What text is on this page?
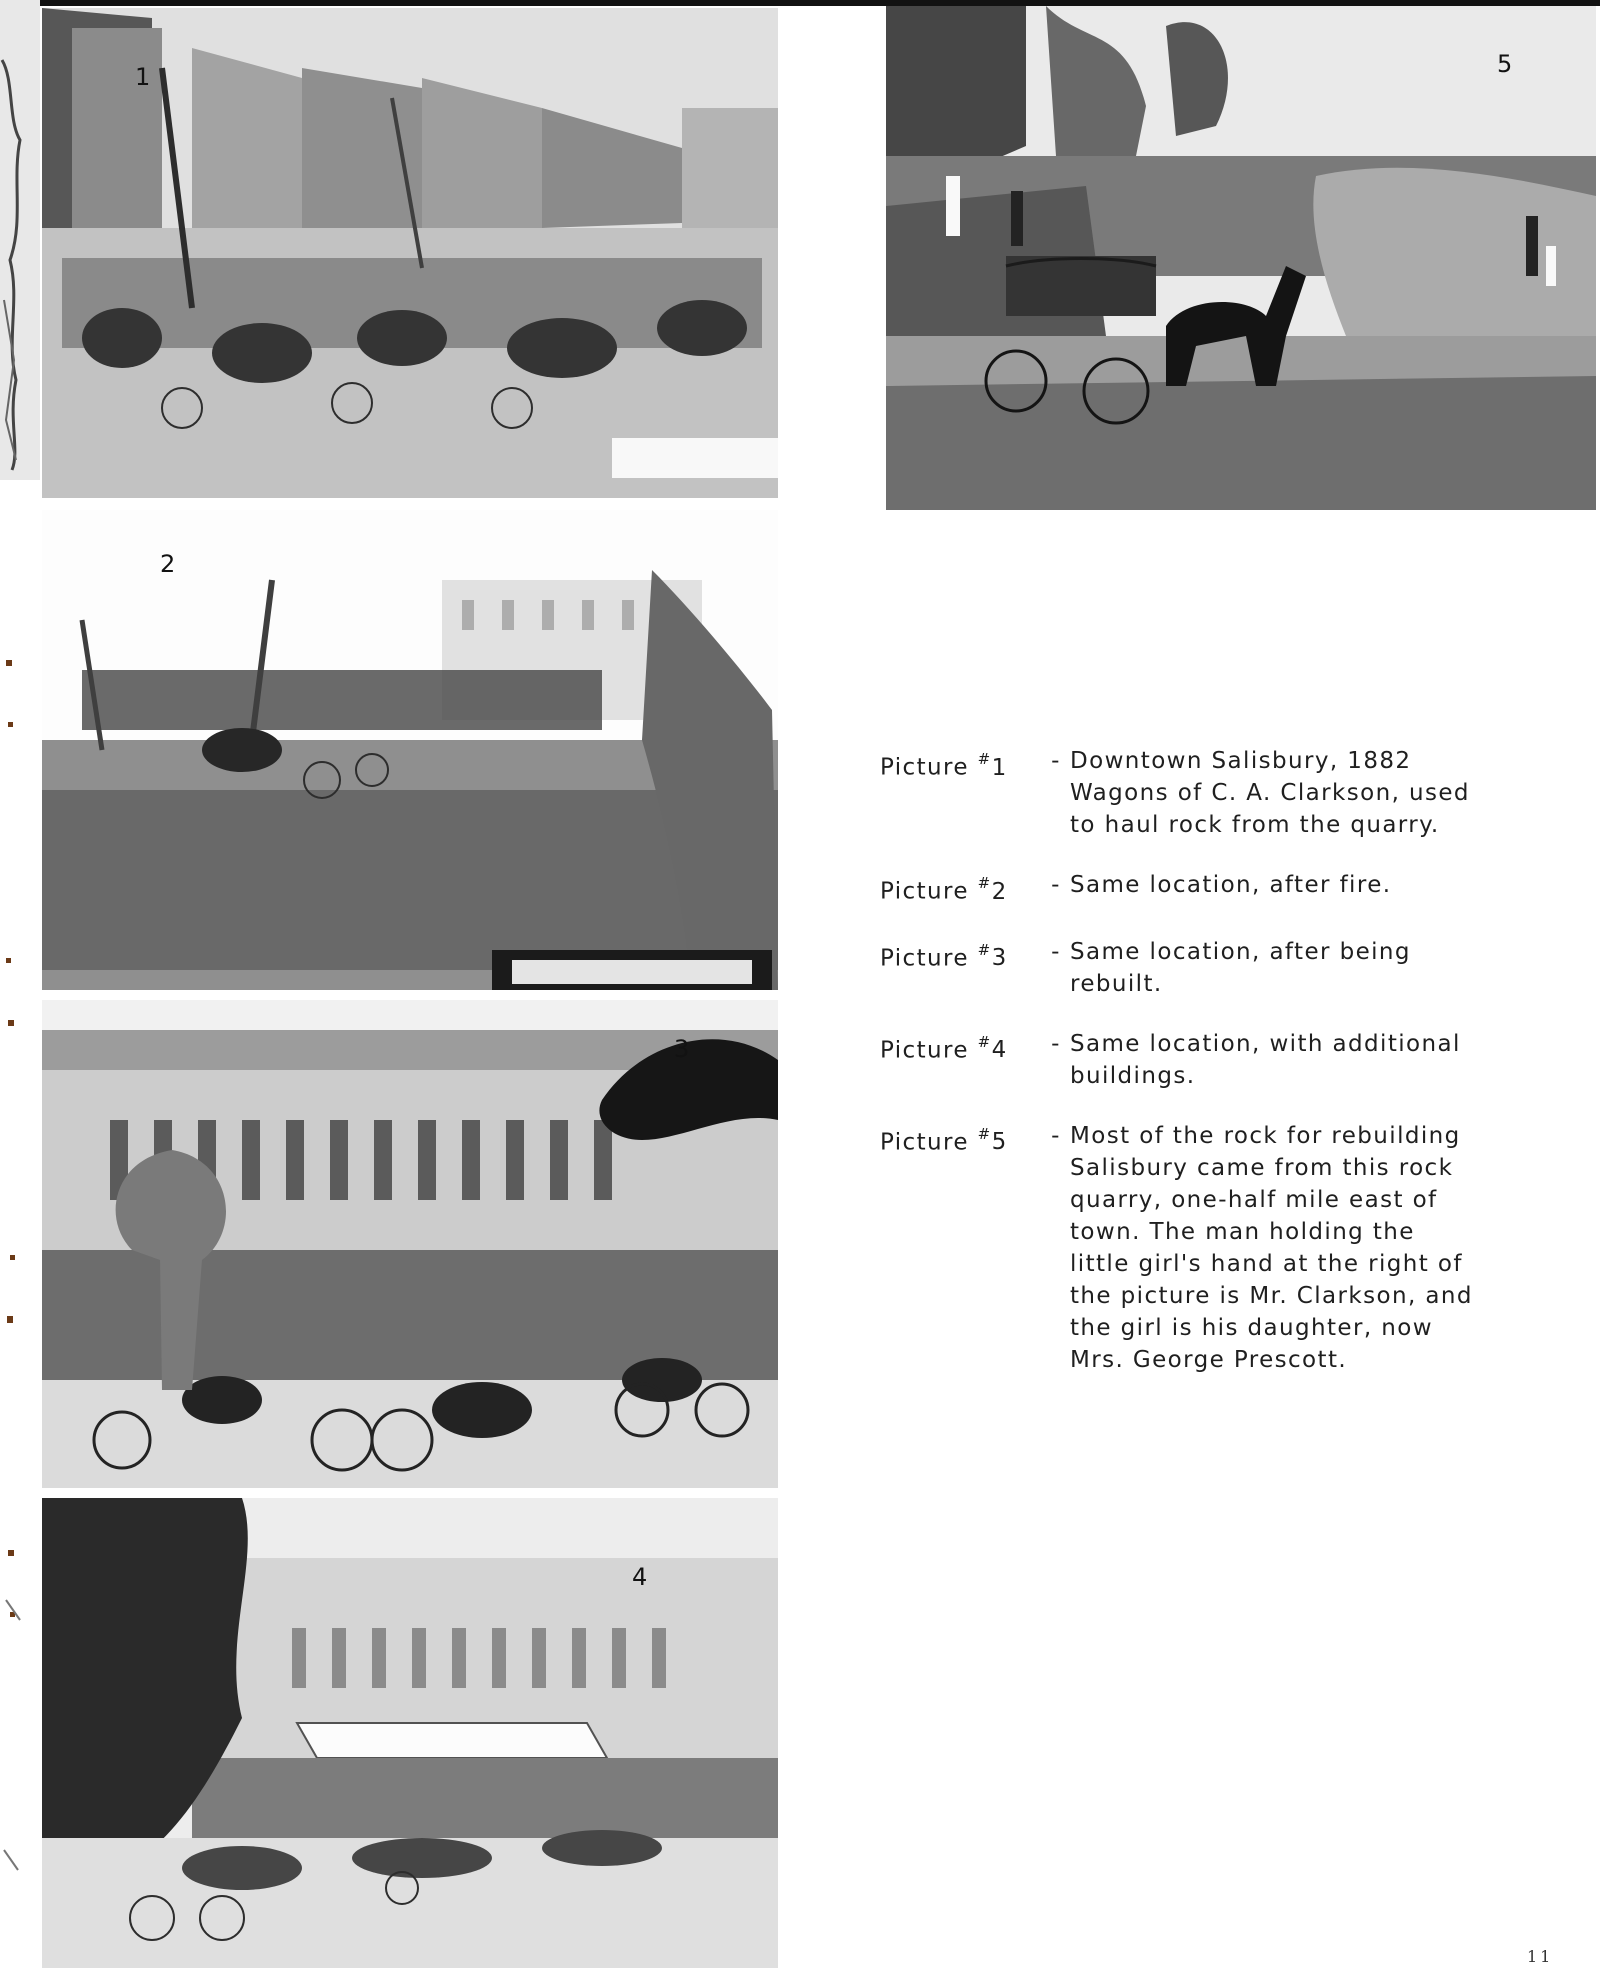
1
2
3
4
5
Picture #1	- Downtown Salisbury, 1882 Wagons of C. A. Clarkson, used to haul rock from the quarry.
Picture #2	- Same location, after fire.
Picture #3	- Same location, after being rebuilt.
Picture #4	- Same location, with additional buildings.
Picture #5	- Most of the rock for rebuilding Salisbury came from this rock quarry, one-half mile east of town. The man holding the little girl's hand at the right of the picture is Mr. Clarkson, and the girl is his daughter, now Mrs. George Prescott.
11
